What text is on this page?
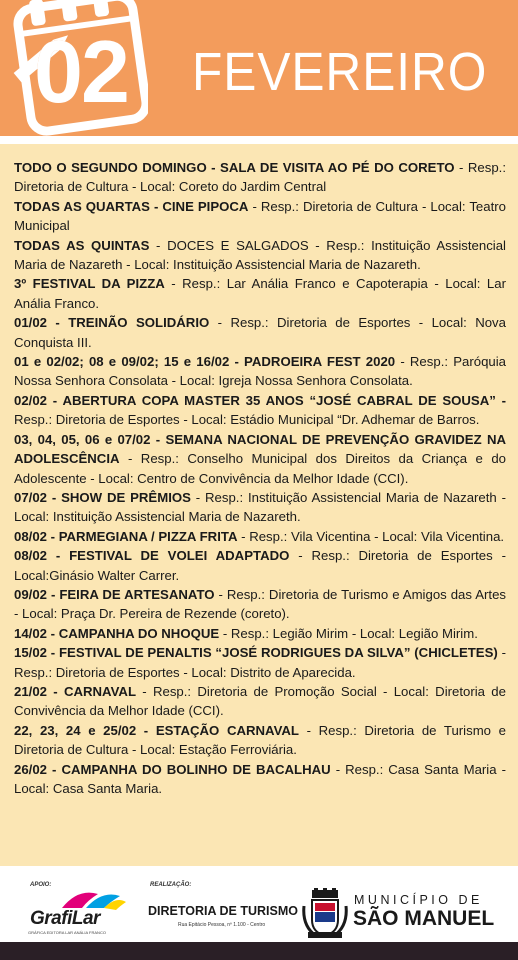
02	FEVEREIRO
TODO O SEGUNDO DOMINGO - SALA DE VISITA AO PÉ DO CORETO - Resp.: Diretoria de Cultura - Local: Coreto do Jardim Central
TODAS AS QUARTAS - CINE PIPOCA - Resp.: Diretoria de Cultura - Local: Teatro Municipal
TODAS AS QUINTAS - DOCES E SALGADOS - Resp.: Instituição Assistencial Maria de Nazareth - Local: Instituição Assistencial Maria de Nazareth.
3º FESTIVAL DA PIZZA - Resp.: Lar Anália Franco e Capoterapia - Local: Lar Anália Franco.
01/02 - TREINÃO SOLIDÁRIO - Resp.: Diretoria de Esportes - Local: Nova Conquista III.
01 e 02/02; 08 e 09/02; 15 e 16/02 - PADROEIRA FEST 2020 - Resp.: Paróquia Nossa Senhora Consolata - Local: Igreja Nossa Senhora Consolata.
02/02 - ABERTURA COPA MASTER 35 ANOS “JOSÉ CABRAL DE SOUSA” - Resp.: Diretoria de Esportes - Local: Estádio Municipal “Dr. Adhemar de Barros.
03, 04, 05, 06 e 07/02 - SEMANA NACIONAL DE PREVENÇÃO GRAVIDEZ NA ADOLESCÊNCIA - Resp.: Conselho Municipal dos Direitos da Criança e do Adolescente - Local: Centro de Convivência da Melhor Idade (CCI).
07/02 - SHOW DE PRÊMIOS - Resp.: Instituição Assistencial Maria de Nazareth - Local: Instituição Assistencial Maria de Nazareth.
08/02 - PARMEGIANA / PIZZA FRITA - Resp.: Vila Vicentina - Local: Vila Vicentina.
08/02 - FESTIVAL DE VOLEI ADAPTADO - Resp.: Diretoria de Esportes - Local:Ginásio Walter Carrer.
09/02 - FEIRA DE ARTESANATO - Resp.: Diretoria de Turismo e Amigos das Artes - Local: Praça Dr. Pereira de Rezende (coreto).
14/02 - CAMPANHA DO NHOQUE - Resp.: Legião Mirim - Local: Legião Mirim.
15/02 - FESTIVAL DE PENALTIS “JOSÉ RODRIGUES DA SILVA” (CHICLETES) - Resp.: Diretoria de Esportes - Local: Distrito de Aparecida.
21/02 - CARNAVAL - Resp.: Diretoria de Promoção Social - Local: Diretoria de Convivência da Melhor Idade (CCI).
22, 23, 24 e 25/02 - ESTAÇÃO CARNAVAL - Resp.: Diretoria de Turismo e Diretoria de Cultura - Local: Estação Ferroviária.
26/02 - CAMPANHA DO BOLINHO DE BACALHAU - Resp.: Casa Santa Maria - Local: Casa Santa Maria.
APOIO:	REALIZAÇÃO:
GrafiLar
GRÁFICA EDITORA LAR ANÁLIA FRANCO
DIRETORIA DE TURISMO
Rua Epitácio Pessoa, nº 1.100 - Centro
MUNICÍPIO DE
SÃO MANUEL
